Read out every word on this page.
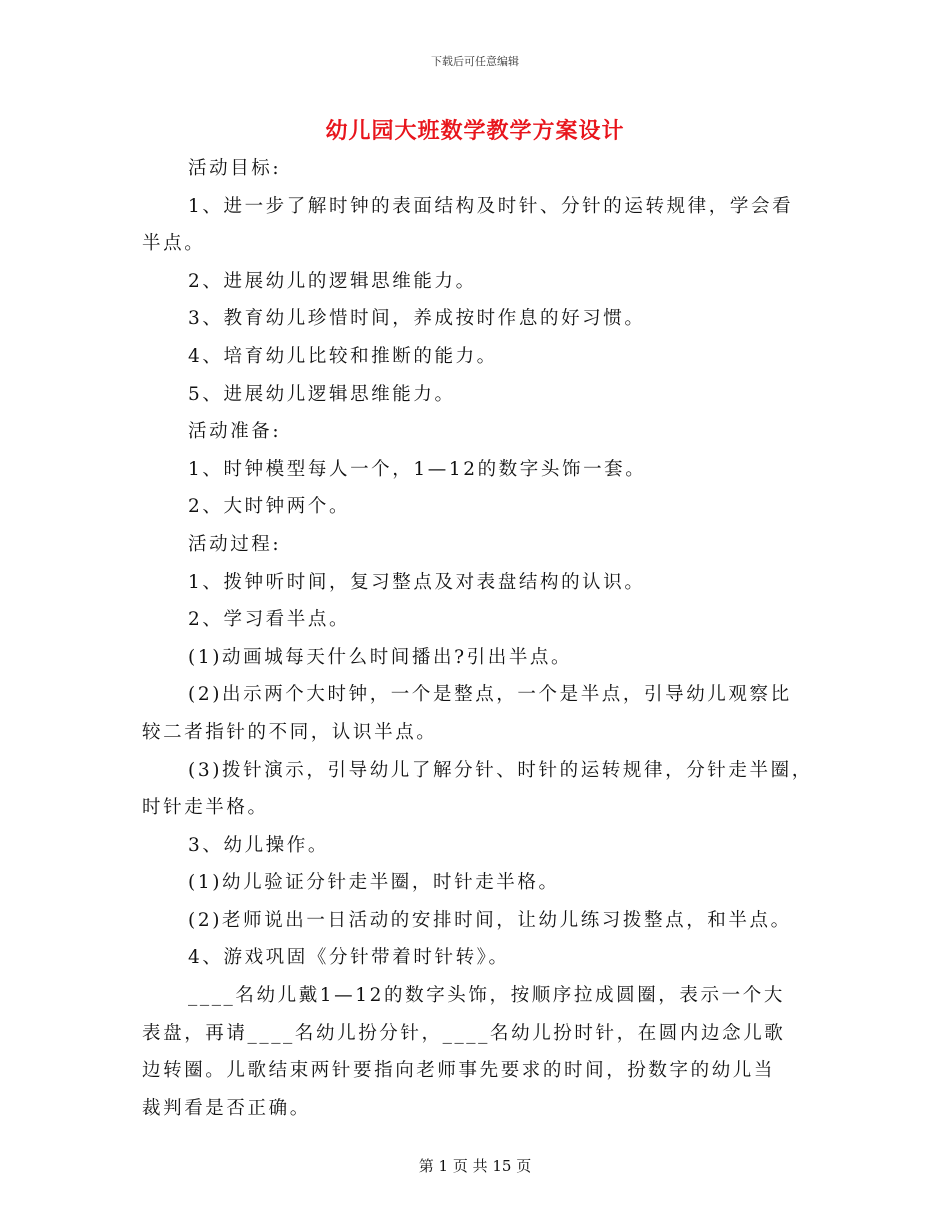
下载后可任意编辑
幼儿园大班数学教学方案设计
活动目标:
1、进一步了解时钟的表面结构及时针、分针的运转规律，学会看
半点。
2、进展幼儿的逻辑思维能力。
3、教育幼儿珍惜时间，养成按时作息的好习惯。
4、培育幼儿比较和推断的能力。
5、进展幼儿逻辑思维能力。
活动准备:
1、时钟模型每人一个，1—12的数字头饰一套。
2、大时钟两个。
活动过程:
1、拨钟听时间，复习整点及对表盘结构的认识。
2、学习看半点。
(1)动画城每天什么时间播出?引出半点。
(2)出示两个大时钟，一个是整点，一个是半点，引导幼儿观察比
较二者指针的不同，认识半点。
(3)拨针演示，引导幼儿了解分针、时针的运转规律，分针走半圈，
时针走半格。
3、幼儿操作。
(1)幼儿验证分针走半圈，时针走半格。
(2)老师说出一日活动的安排时间，让幼儿练习拨整点，和半点。
4、游戏巩固《分针带着时针转》。
____名幼儿戴1—12的数字头饰，按顺序拉成圆圈，表示一个大
表盘，再请____名幼儿扮分针，____名幼儿扮时针，在圆内边念儿歌
边转圈。儿歌结束两针要指向老师事先要求的时间，扮数字的幼儿当
裁判看是否正确。
第 1 页 共 15 页
